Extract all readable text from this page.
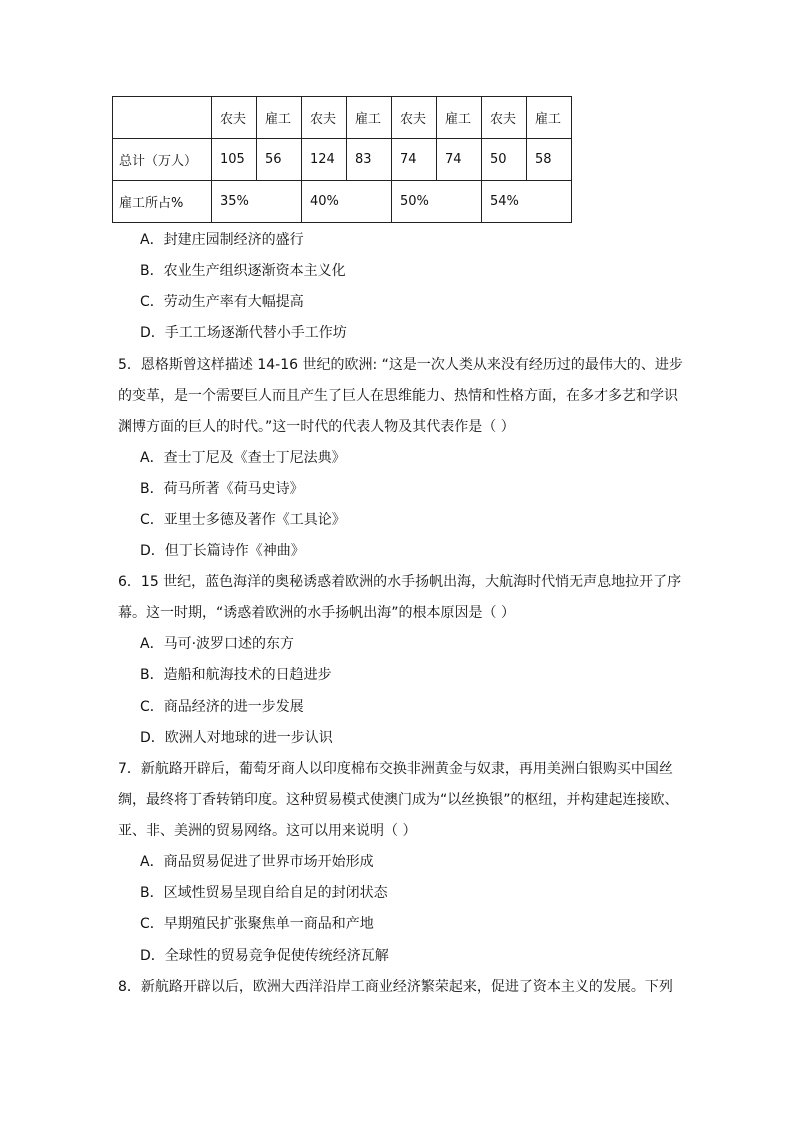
	农夫	雇工	农夫	雇工	农夫	雇工	农夫	雇工
总计（万人）	105	56	124	83	74	74	50	58
雇工所占%	35%		40%		50%		54%	
A．封建庄园制经济的盛行
B．农业生产组织逐渐资本主义化
C．劳动生产率有大幅提高
D．手工工场逐渐代替小手工作坊
5．恩格斯曾这样描述 14-16 世纪的欧洲: “这是一次人类从来没有经历过的最伟大的、进步
的变革，是一个需要巨人而且产生了巨人在思维能力、热情和性格方面，在多才多艺和学识
渊博方面的巨人的时代。”这一时代的代表人物及其代表作是（ ）
A．查士丁尼及《查士丁尼法典》
B．荷马所著《荷马史诗》
C．亚里士多德及著作《工具论》
D．但丁长篇诗作《神曲》
6．15 世纪，蓝色海洋的奥秘诱惑着欧洲的水手扬帆出海，大航海时代悄无声息地拉开了序
幕。这一时期，“诱惑着欧洲的水手扬帆出海”的根本原因是（ ）
A．马可·波罗口述的东方
B．造船和航海技术的日趋进步
C．商品经济的进一步发展
D．欧洲人对地球的进一步认识
7．新航路开辟后，葡萄牙商人以印度棉布交换非洲黄金与奴隶，再用美洲白银购买中国丝
绸，最终将丁香转销印度。这种贸易模式使澳门成为“以丝换银”的枢纽，并构建起连接欧、
亚、非、美洲的贸易网络。这可以用来说明（ ）
A．商品贸易促进了世界市场开始形成
B．区域性贸易呈现自给自足的封闭状态
C．早期殖民扩张聚焦单一商品和产地
D．全球性的贸易竞争促使传统经济瓦解
8．新航路开辟以后，欧洲大西洋沿岸工商业经济繁荣起来，促进了资本主义的发展。下列
